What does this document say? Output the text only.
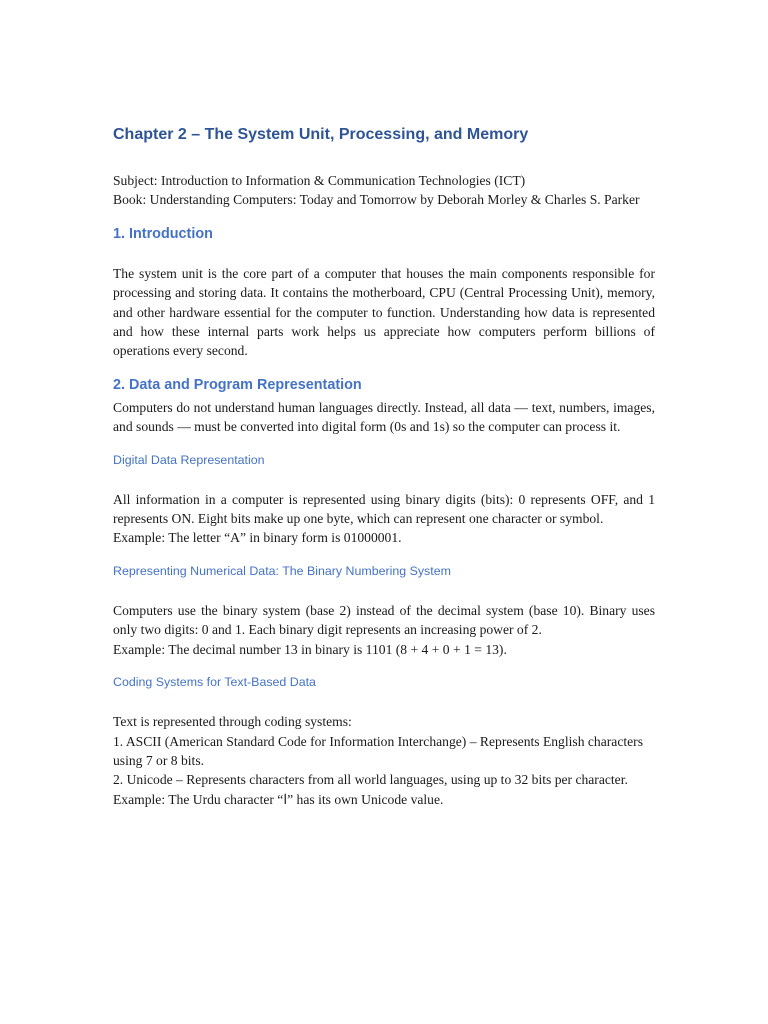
Chapter 2 – The System Unit, Processing, and Memory
Subject: Introduction to Information & Communication Technologies (ICT)
Book: Understanding Computers: Today and Tomorrow by Deborah Morley & Charles S. Parker
1. Introduction
The system unit is the core part of a computer that houses the main components responsible for processing and storing data. It contains the motherboard, CPU (Central Processing Unit), memory, and other hardware essential for the computer to function. Understanding how data is represented and how these internal parts work helps us appreciate how computers perform billions of operations every second.
2. Data and Program Representation
Computers do not understand human languages directly. Instead, all data — text, numbers, images, and sounds — must be converted into digital form (0s and 1s) so the computer can process it.
Digital Data Representation
All information in a computer is represented using binary digits (bits): 0 represents OFF, and 1 represents ON. Eight bits make up one byte, which can represent one character or symbol.
Example: The letter “A” in binary form is 01000001.
Representing Numerical Data: The Binary Numbering System
Computers use the binary system (base 2) instead of the decimal system (base 10). Binary uses only two digits: 0 and 1. Each binary digit represents an increasing power of 2.
Example: The decimal number 13 in binary is 1101 (8 + 4 + 0 + 1 = 13).
Coding Systems for Text-Based Data
Text is represented through coding systems:
1. ASCII (American Standard Code for Information Interchange) – Represents English characters using 7 or 8 bits.
2. Unicode – Represents characters from all world languages, using up to 32 bits per character.
Example: The Urdu character “ﺍ” has its own Unicode value.
